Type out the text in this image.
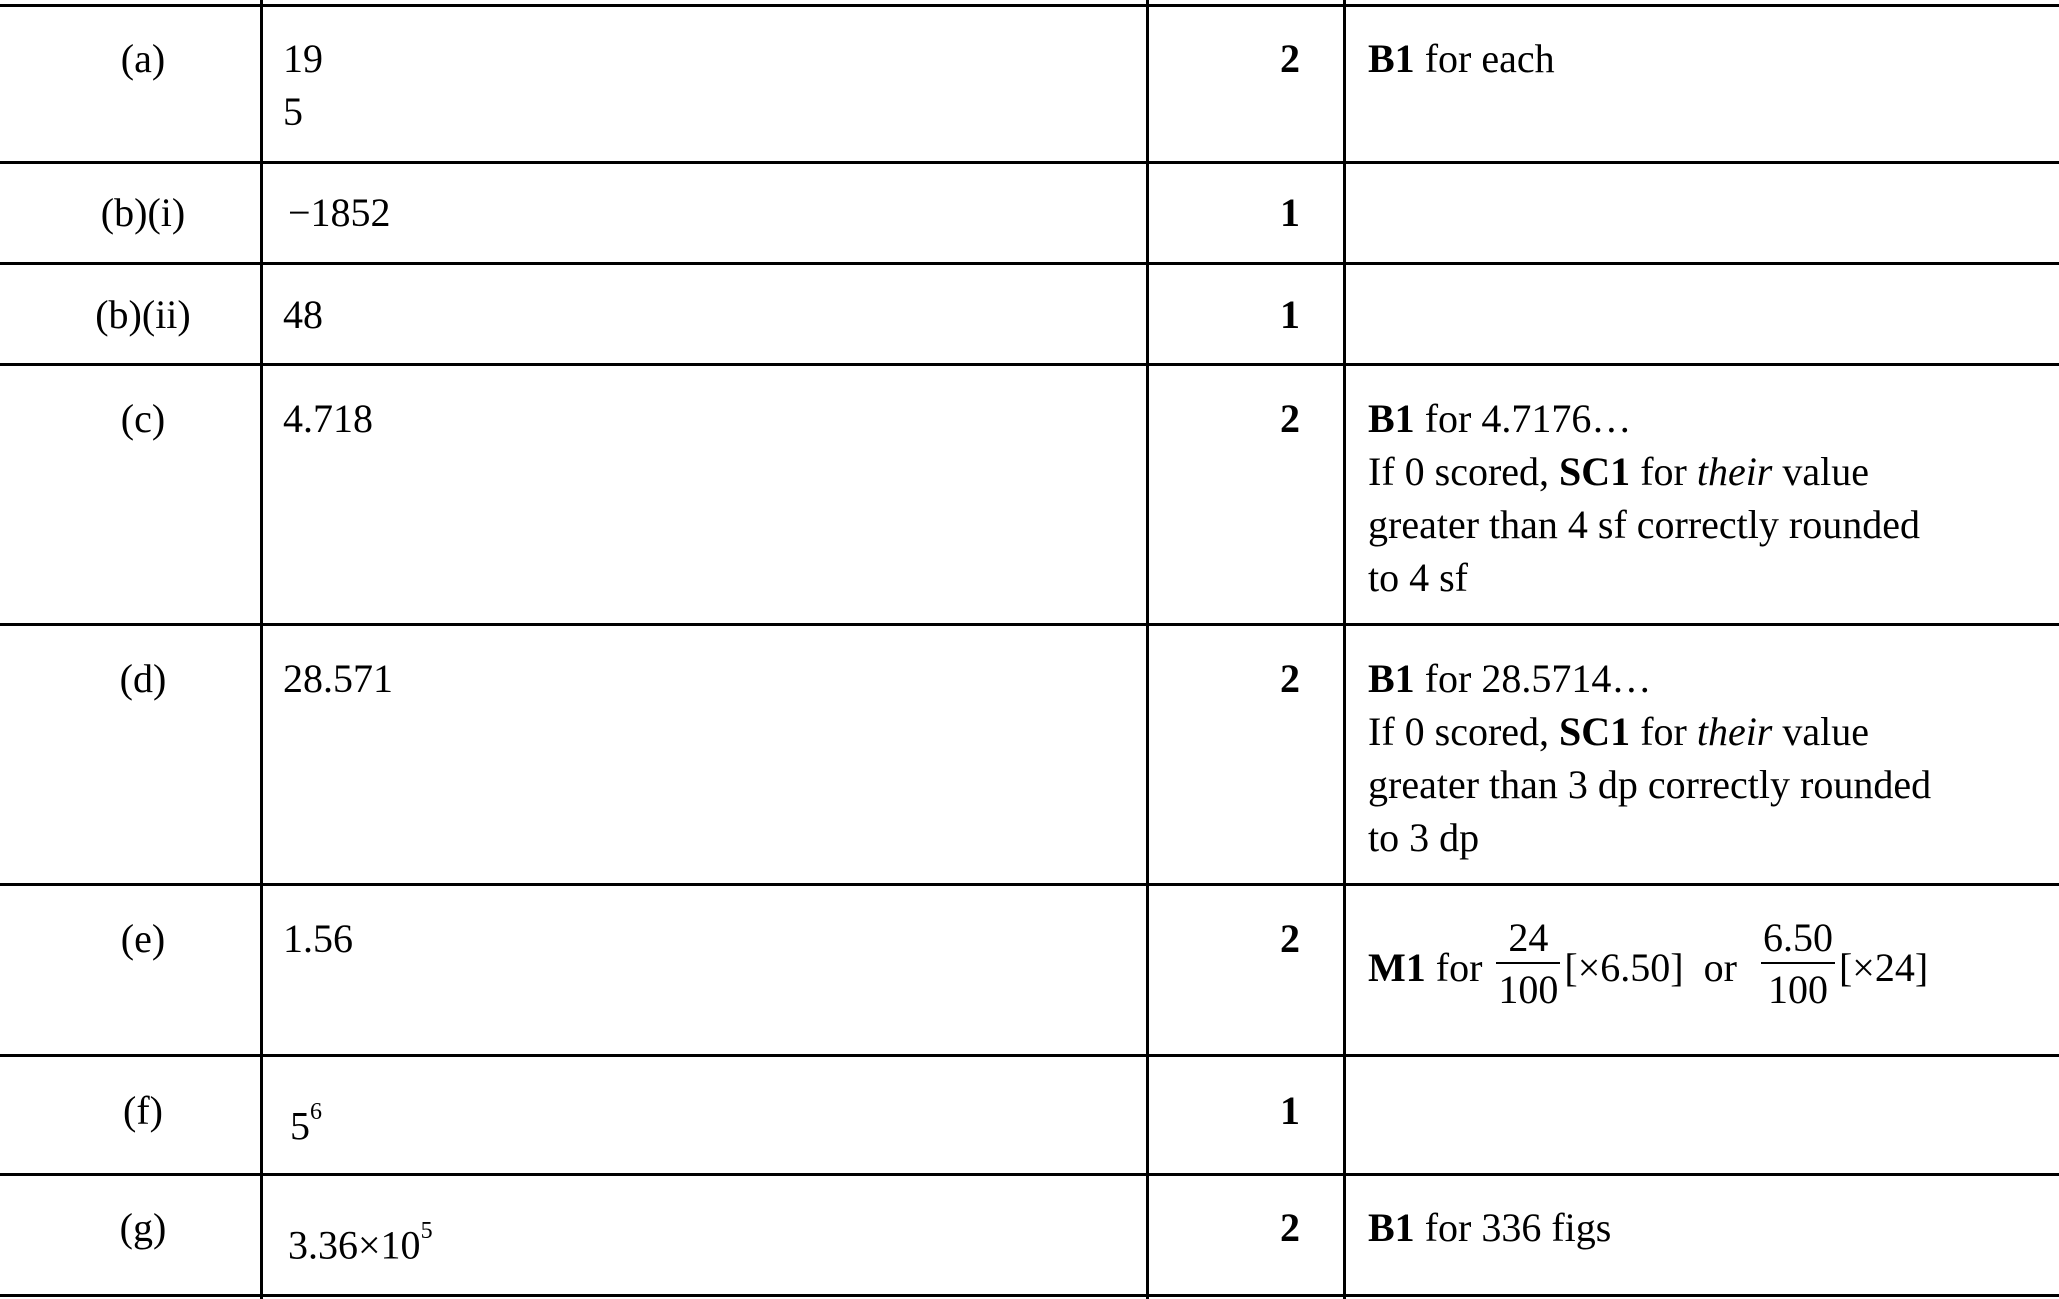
(a)	19
5
2 B1 for each
(b)(i)	−1852	1
(b)(ii)	48	1
(c)	4.718	2 B1 for 4.7176…
If 0 scored, SC1 for their value
greater than 4 sf correctly rounded
to 4 sf
(d)	28.571	2 B1 for 28.5714…
If 0 scored, SC1 for their value
greater than 3 dp correctly rounded
to 3 dp
(e)	1.56	2
M1 for $\frac{24}{100} [\times 6.50]$  or $\frac{6.50}{100} [\times 24]$
(f)	$5^6$	1
(g)	$3.36\times 10^5$	2 B1 for 336 figs
